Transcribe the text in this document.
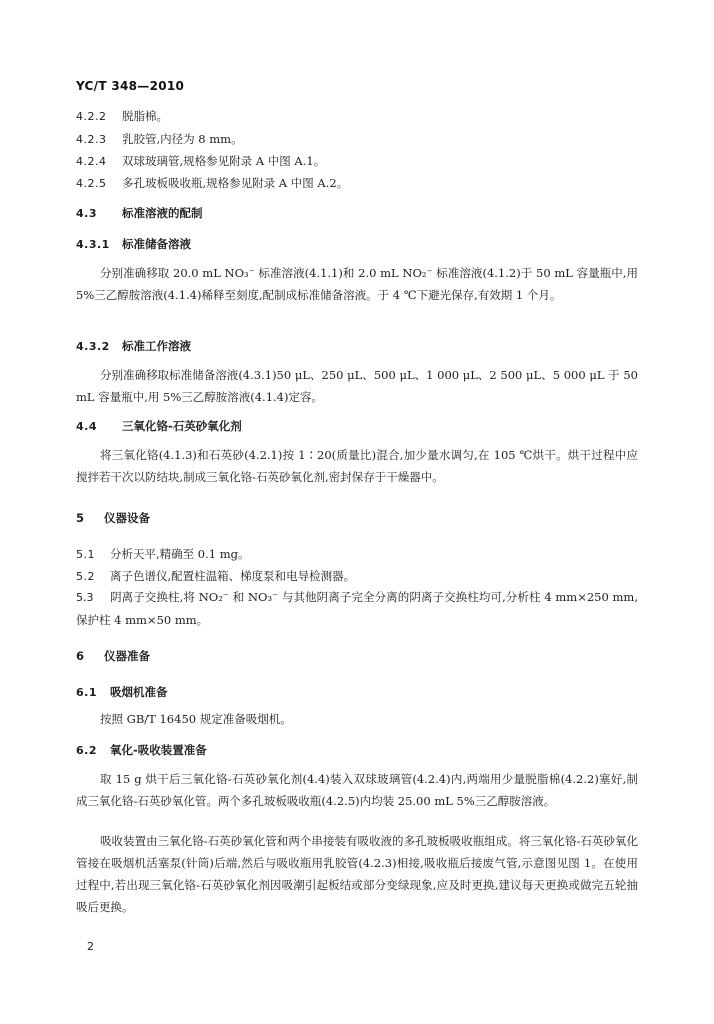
YC/T 348—2010
4.2.2 脱脂棉。
4.2.3 乳胶管,内径为 8 mm。
4.2.4 双球玻璃管,规格参见附录 A 中图 A.1。
4.2.5 多孔玻板吸收瓶,规格参见附录 A 中图 A.2。
4.3 标准溶液的配制
4.3.1 标准储备溶液
分别准确移取 20.0 mL NO₃⁻ 标准溶液(4.1.1)和 2.0 mL NO₂⁻ 标准溶液(4.1.2)于 50 mL 容量瓶中,用 5%三乙醇胺溶液(4.1.4)稀释至刻度,配制成标准储备溶液。于 4 ℃下避光保存,有效期 1 个月。
4.3.2 标准工作溶液
分别准确移取标准储备溶液(4.3.1)50 μL、250 μL、500 μL、1 000 μL、2 500 μL、5 000 μL 于 50 mL 容量瓶中,用 5%三乙醇胺溶液(4.1.4)定容。
4.4 三氧化铬-石英砂氧化剂
将三氧化铬(4.1.3)和石英砂(4.2.1)按 1∶20(质量比)混合,加少量水调匀,在 105 ℃烘干。烘干过程中应搅拌若干次以防结块,制成三氧化铬-石英砂氧化剂,密封保存于干燥器中。
5 仪器设备
5.1 分析天平,精确至 0.1 mg。
5.2 离子色谱仪,配置柱温箱、梯度泵和电导检测器。
5.3 阴离子交换柱,将 NO₂⁻ 和 NO₃⁻ 与其他阴离子完全分离的阴离子交换柱均可,分析柱 4 mm×250 mm,保护柱 4 mm×50 mm。
6 仪器准备
6.1 吸烟机准备
按照 GB/T 16450 规定准备吸烟机。
6.2 氧化-吸收装置准备
取 15 g 烘干后三氧化铬-石英砂氧化剂(4.4)装入双球玻璃管(4.2.4)内,两端用少量脱脂棉(4.2.2)塞好,制成三氧化铬-石英砂氧化管。两个多孔玻板吸收瓶(4.2.5)内均装 25.00 mL 5%三乙醇胺溶液。
吸收装置由三氧化铬-石英砂氧化管和两个串接装有吸收液的多孔玻板吸收瓶组成。将三氧化铬-石英砂氧化管接在吸烟机活塞泵(针筒)后端,然后与吸收瓶用乳胶管(4.2.3)相接,吸收瓶后接废气管,示意图见图 1。在使用过程中,若出现三氧化铬-石英砂氧化剂因吸潮引起板结或部分变绿现象,应及时更换,建议每天更换或做完五轮抽吸后更换。
2
